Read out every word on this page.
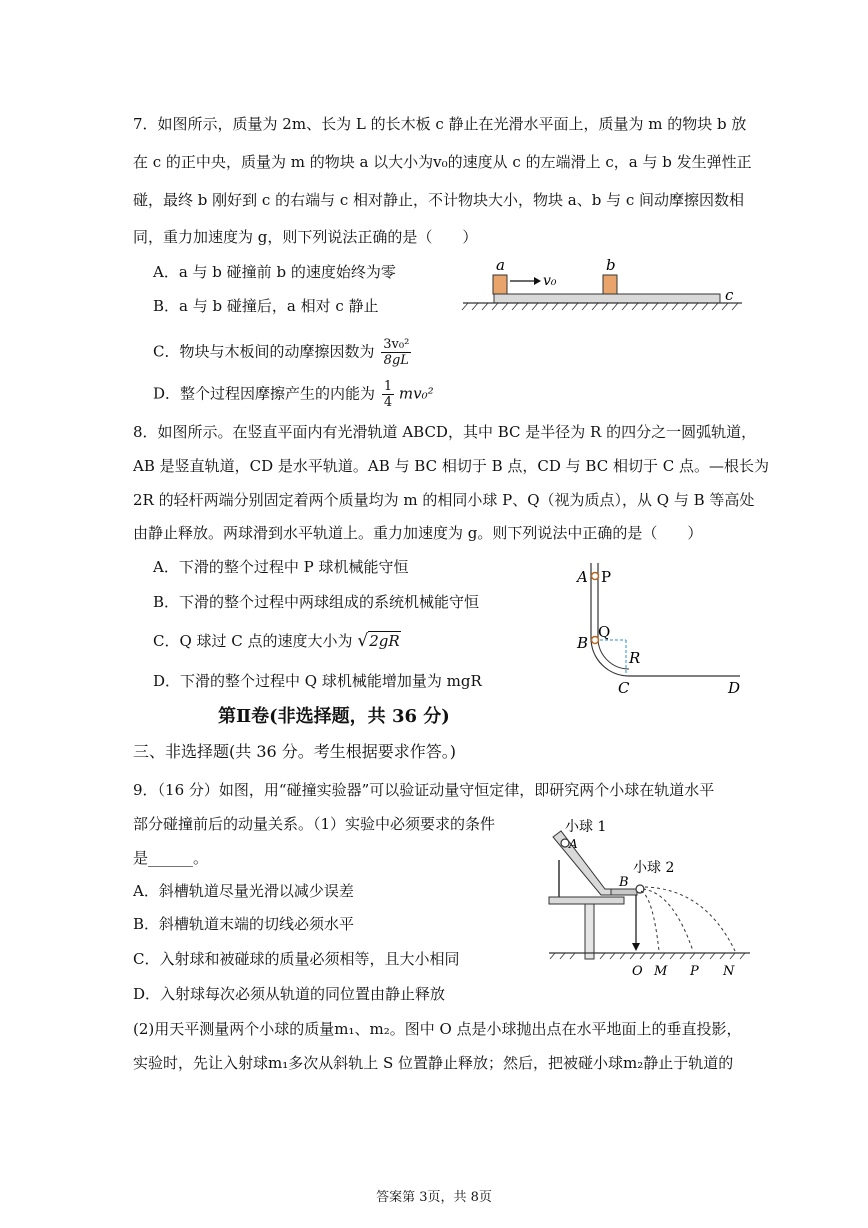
7．如图所示，质量为 2m、长为 L 的长木板 c 静止在光滑水平面上，质量为 m 的物块 b 放
在 c 的正中央，质量为 m 的物块 a 以大小为v₀的速度从 c 的左端滑上 c，a 与 b 发生弹性正
碰，最终 b 刚好到 c 的右端与 c 相对静止，不计物块大小，物块 a、b 与 c 间动摩擦因数相
同，重力加速度为 g，则下列说法正确的是（　　）
A．a 与 b 碰撞前 b 的速度始终为零
B．a 与 b 碰撞后，a 相对 c 静止
C．物块与木板间的动摩擦因数为 $\frac{\text{3v₀²}}{8gL}$
D．整个过程因摩擦产生的内能为 $\frac{1}{4} mv_0^2$
a
v₀
b
c
8．如图所示。在竖直平面内有光滑轨道 ABCD，其中 BC 是半径为 R 的四分之一圆弧轨道，
AB 是竖直轨道，CD 是水平轨道。AB 与 BC 相切于 B 点，CD 与 BC 相切于 C 点。—根长为
2R 的轻杆两端分别固定着两个质量均为 m 的相同小球 P、Q（视为质点），从 Q 与 B 等高处
由静止释放。两球滑到水平轨道上。重力加速度为 g。则下列说法中正确的是（　　）
A．下滑的整个过程中 P 球机械能守恒
B．下滑的整个过程中两球组成的系统机械能守恒
C．Q 球过 C 点的速度大小为 √2gR
D．下滑的整个过程中 Q 球机械能增加量为 mgR
A P
Q
B
R
C	D
第Ⅱ卷(非选择题，共 36 分)
三、非选择题(共 36 分。考生根据要求作答。)
9．（16 分）如图，用“碰撞实验器”可以验证动量守恒定律，即研究两个小球在轨道水平
部分碰撞前后的动量关系。（1）实验中必须要求的条件
是______。
A．斜槽轨道尽量光滑以减少误差
B．斜槽轨道末端的切线必须水平
C．入射球和被碰球的质量必须相等，且大小相同
D．入射球每次必须从轨道的同位置由静止释放
(2)用天平测量两个小球的质量m₁、m₂。图中 O 点是小球抛出点在水平地面上的垂直投影，
实验时，先让入射球m₁多次从斜轨上 S 位置静止释放；然后，把被碰小球m₂静止于轨道的
小球 1
A
小球 2
B
O M P N
答案第 3页，共 8页
